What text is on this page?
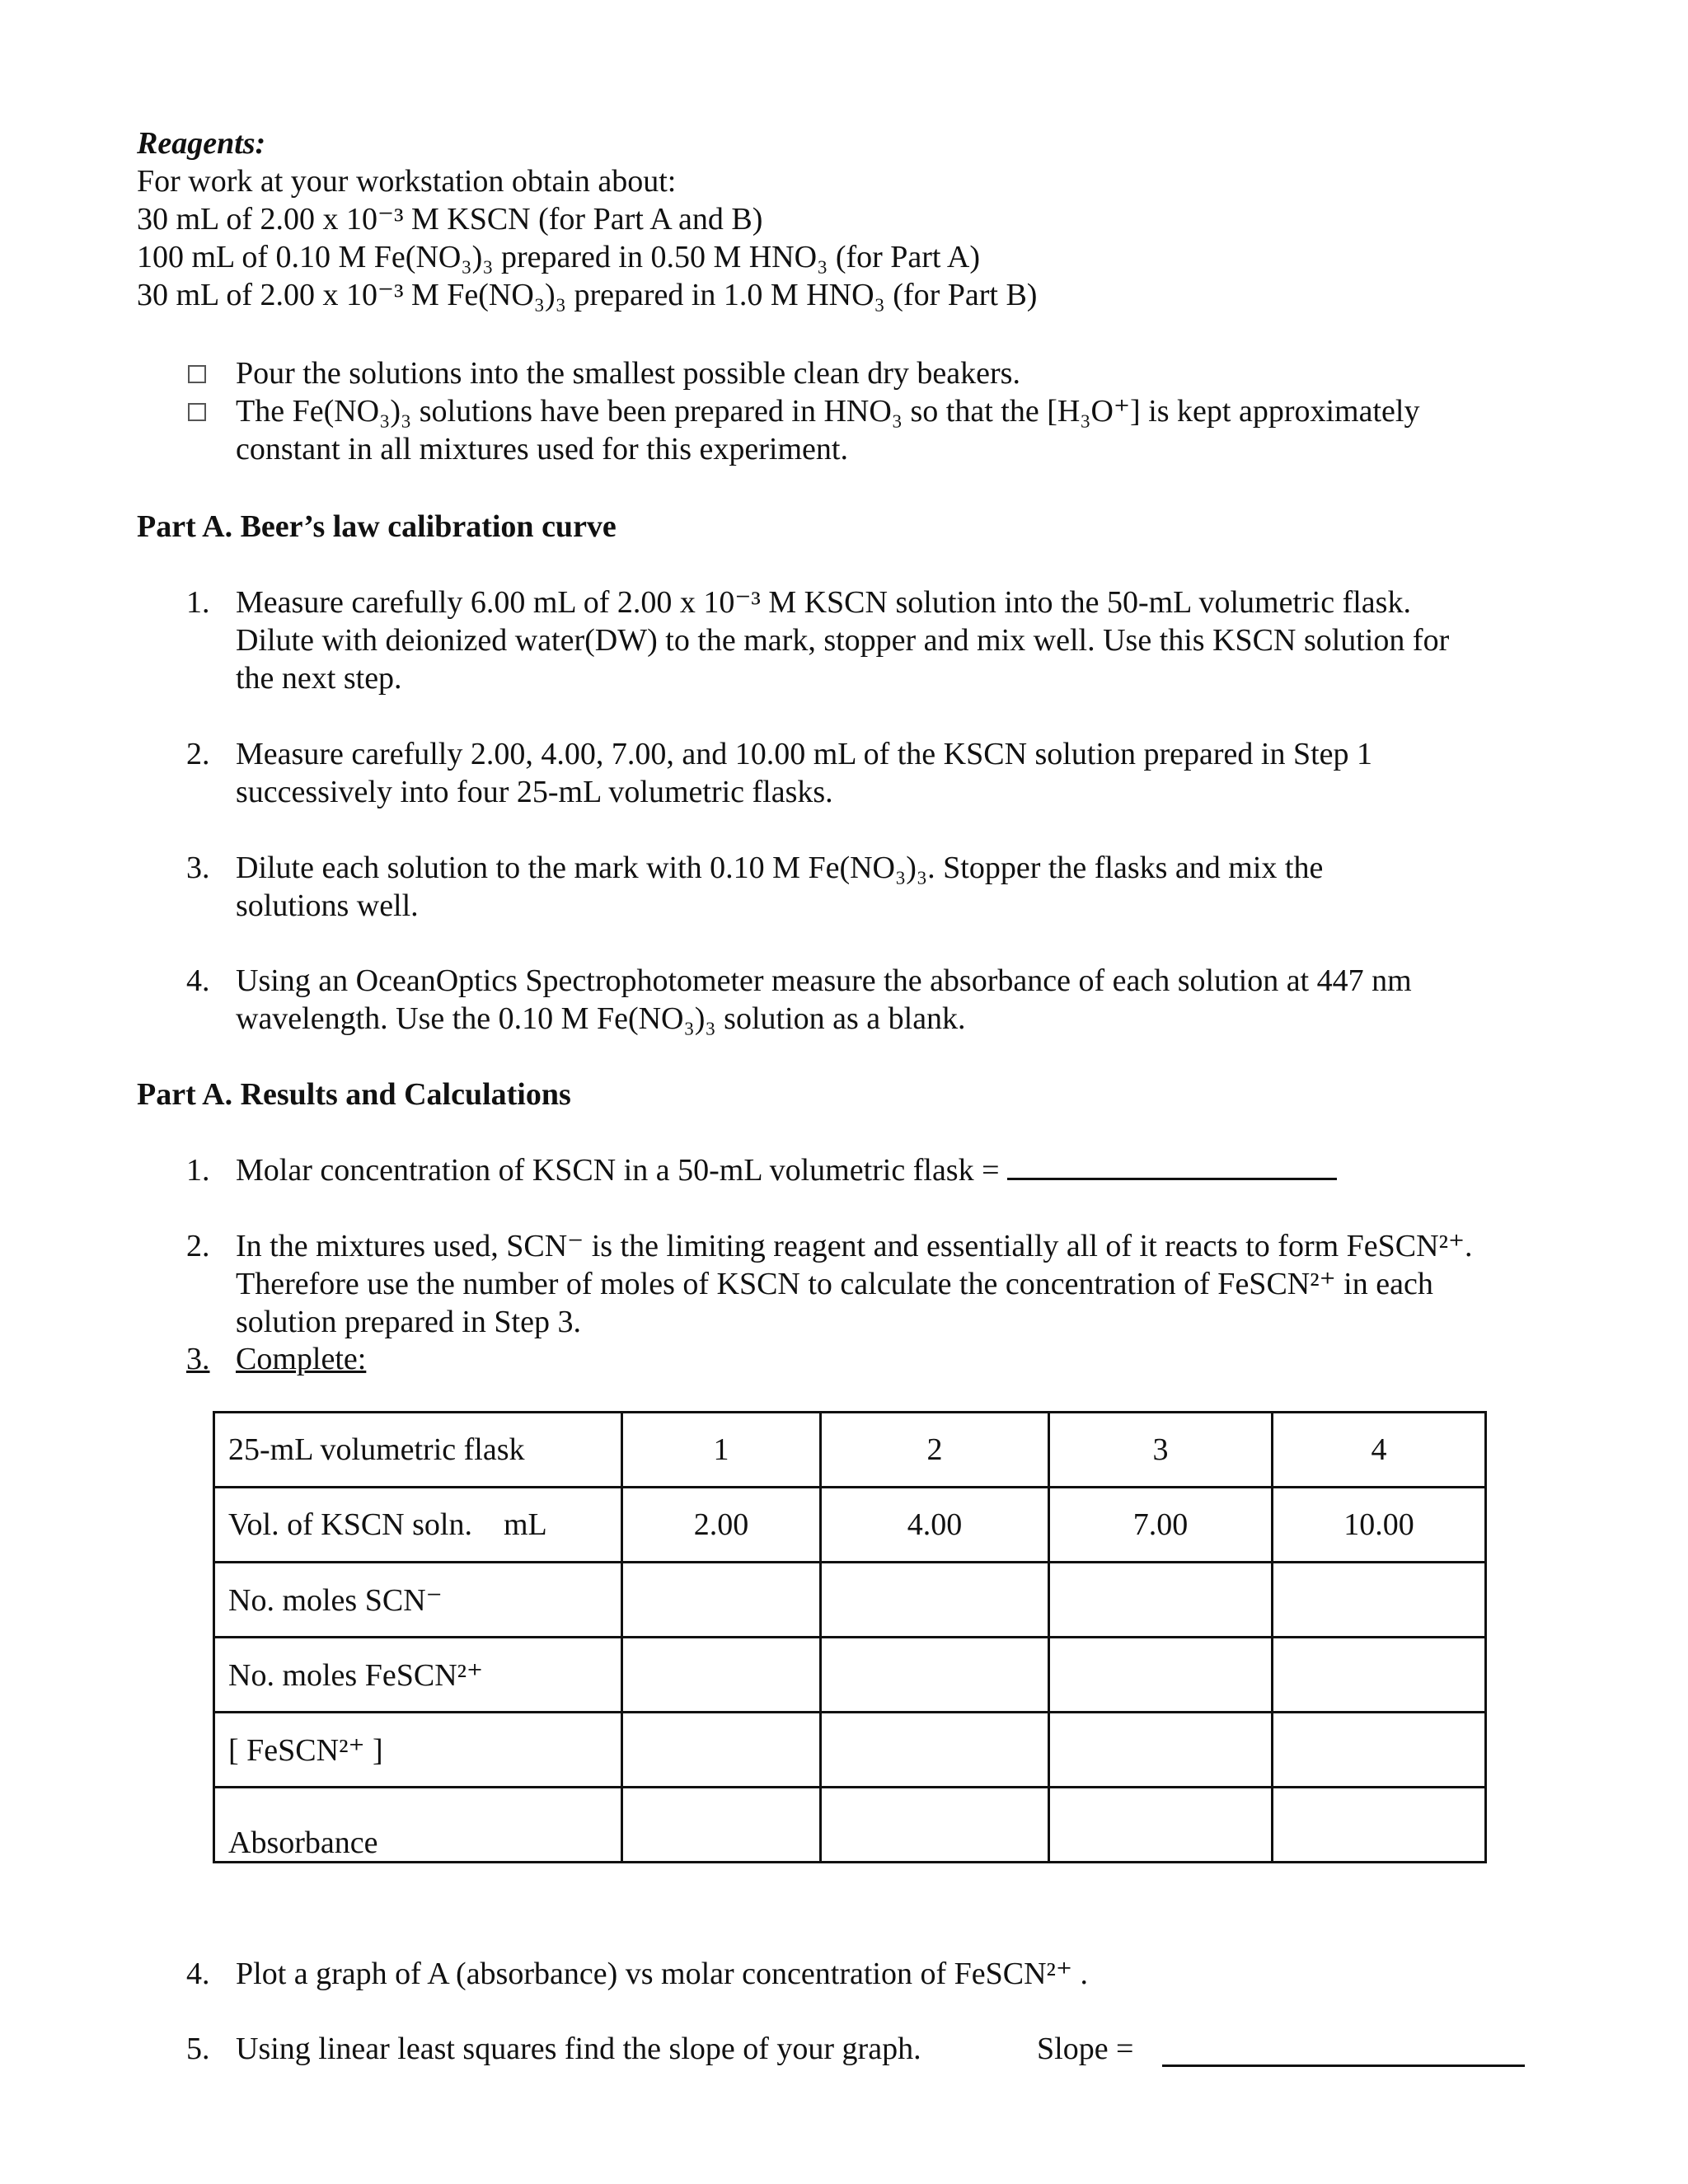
Reagents:
For work at your workstation obtain about:
30 mL of 2.00 x 10⁻³ M KSCN (for Part A and B)
100 mL of 0.10 M Fe(NO₃)₃ prepared in 0.50 M HNO₃ (for Part A)
30 mL of 2.00 x 10⁻³ M Fe(NO₃)₃ prepared in 1.0 M HNO₃ (for Part B)
Pour the solutions into the smallest possible clean dry beakers.
The Fe(NO₃)₃ solutions have been prepared in HNO₃ so that the [H₃O⁺] is kept approximately
constant in all mixtures used for this experiment.
Part A. Beer’s law calibration curve
1. Measure carefully 6.00 mL of 2.00 x 10⁻³ M KSCN solution into the 50-mL volumetric flask.
Dilute with deionized water(DW) to the mark, stopper and mix well. Use this KSCN solution for
the next step.
2. Measure carefully 2.00, 4.00, 7.00, and 10.00 mL of the KSCN solution prepared in Step 1
successively into four 25-mL volumetric flasks.
3. Dilute each solution to the mark with 0.10 M Fe(NO₃)₃. Stopper the flasks and mix the
solutions well.
4. Using an OceanOptics Spectrophotometer measure the absorbance of each solution at 447 nm
wavelength. Use the 0.10 M Fe(NO₃)₃ solution as a blank.
Part A. Results and Calculations
1. Molar concentration of KSCN in a 50-mL volumetric flask =
2. In the mixtures used, SCN⁻ is the limiting reagent and essentially all of it reacts to form FeSCN²⁺.
Therefore use the number of moles of KSCN to calculate the concentration of FeSCN²⁺ in each
solution prepared in Step 3.
3. Complete:
25-mL volumetric flask	1	2	3	4
Vol. of KSCN soln.    mL	2.00	4.00	7.00	10.00
No. moles SCN⁻				
No. moles FeSCN²⁺				
[ FeSCN²⁺ ]				
Absorbance				
4. Plot a graph of A (absorbance) vs molar concentration of FeSCN²⁺ .
5. Using linear least squares find the slope of your graph.	Slope =
